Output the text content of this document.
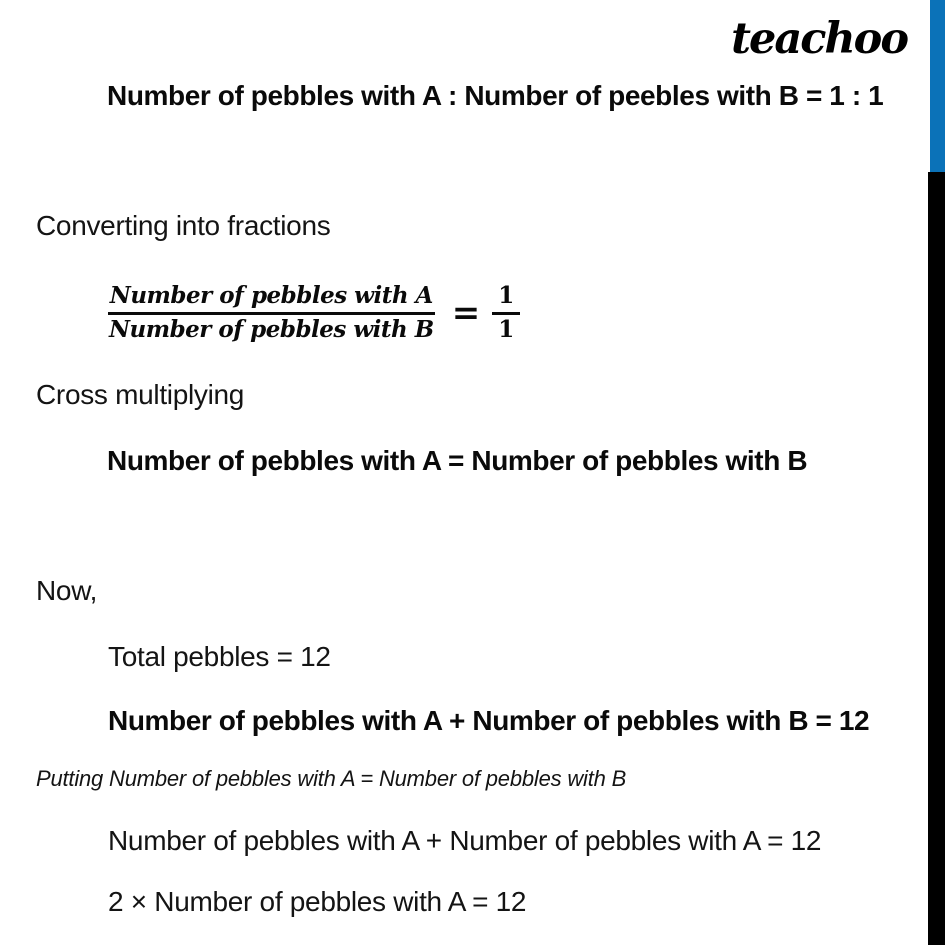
teachoo
Number of pebbles with A : Number of peebles with B = 1 : 1
Converting into fractions
$\frac{\text{Number of pebbles with A}}{\text{Number of pebbles with B}} = \frac{1}{1}$
Cross multiplying
Number of pebbles with A = Number of pebbles with B
Now,
Total pebbles = 12
Number of pebbles with A + Number of pebbles with B = 12
Putting Number of pebbles with A = Number of pebbles with B
Number of pebbles with A + Number of pebbles with A = 12
2 × Number of pebbles with A = 12
